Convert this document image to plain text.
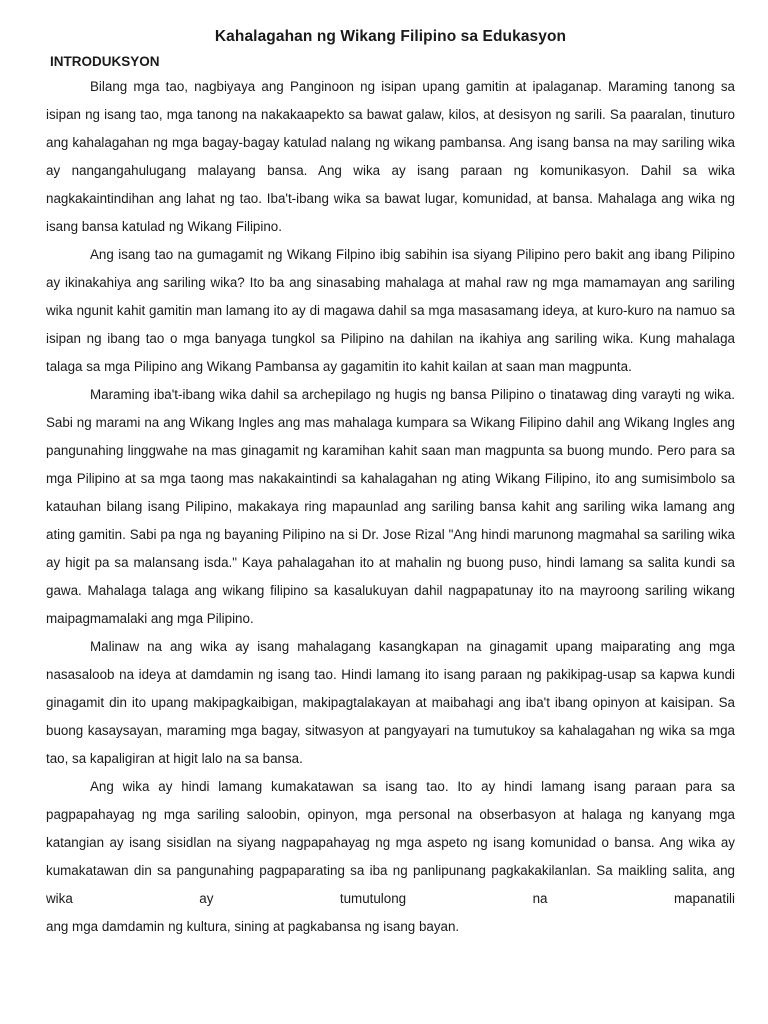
Kahalagahan ng Wikang Filipino sa Edukasyon
INTRODUKSYON

Bilang mga tao, nagbiyaya ang Panginoon ng isipan upang gamitin at ipalaganap. Maraming tanong sa isipan ng isang tao, mga tanong na nakakaapekto sa bawat galaw, kilos, at desisyon ng sarili. Sa paaralan, tinuturo ang kahalagahan ng mga bagay-bagay katulad nalang ng wikang pambansa. Ang isang bansa na may sariling wika ay nangangahulugang malayang bansa. Ang wika ay isang paraan ng komunikasyon. Dahil sa wika nagkakaintindihan ang lahat ng tao. Iba't-ibang wika sa bawat lugar, komunidad, at bansa. Mahalaga ang wika ng isang bansa katulad ng Wikang Filipino.

Ang isang tao na gumagamit ng Wikang Filpino ibig sabihin isa siyang Pilipino pero bakit ang ibang Pilipino ay ikinakahiya ang sariling wika? Ito ba ang sinasabing mahalaga at mahal raw ng mga mamamayan ang sariling wika ngunit kahit gamitin man lamang ito ay di magawa dahil sa mga masasamang ideya, at kuro-kuro na namuo sa isipan ng ibang tao o mga banyaga tungkol sa Pilipino na dahilan na ikahiya ang sariling wika. Kung mahalaga talaga sa mga Pilipino ang Wikang Pambansa ay gagamitin ito kahit kailan at saan man magpunta.

Maraming iba't-ibang wika dahil sa archepilago ng hugis ng bansa Pilipino o tinatawag ding varayti ng wika. Sabi ng marami na ang Wikang Ingles ang mas mahalaga kumpara sa Wikang Filipino dahil ang Wikang Ingles ang pangunahing linggwahe na mas ginagamit ng karamihan kahit saan man magpunta sa buong mundo. Pero para sa mga Pilipino at sa mga taong mas nakakaintindi sa kahalagahan ng ating Wikang Filipino, ito ang sumisimbolo sa katauhan bilang isang Pilipino, makakaya ring mapaunlad ang sariling bansa kahit ang sariling wika lamang ang ating gamitin. Sabi pa nga ng bayaning Pilipino na si Dr. Jose Rizal "Ang hindi marunong magmahal sa sariling wika ay higit pa sa malansang isda." Kaya pahalagahan ito at mahalin ng buong puso, hindi lamang sa salita kundi sa gawa. Mahalaga talaga ang wikang filipino sa kasalukuyan dahil nagpapatunay ito na mayroong sariling wikang maipagmamalaki ang mga Pilipino.

Malinaw na ang wika ay isang mahalagang kasangkapan na ginagamit upang maiparating ang mga nasasaloob na ideya at damdamin ng isang tao. Hindi lamang ito isang paraan ng pakikipag-usap sa kapwa kundi ginagamit din ito upang makipagkaibigan, makipagtalakayan at maibahagi ang iba't ibang opinyon at kaisipan. Sa buong kasaysayan, maraming mga bagay, sitwasyon at pangyayari na tumutukoy sa kahalagahan ng wika sa mga tao, sa kapaligiran at higit lalo na sa bansa.

Ang wika ay hindi lamang kumakatawan sa isang tao. Ito ay hindi lamang isang paraan para sa pagpapahayag ng mga sariling saloobin, opinyon, mga personal na obserbasyon at halaga ng kanyang mga katangian ay isang sisidlan na siyang nagpapahayag ng mga aspeto ng isang komunidad o bansa. Ang wika ay kumakatawan din sa pangunahing pagpaparating sa iba ng panlipunang pagkakakilanlan. Sa maikling salita, ang wika ay tumutulong na mapanatili

ang mga damdamin ng kultura, sining at pagkabansa ng isang bayan.
